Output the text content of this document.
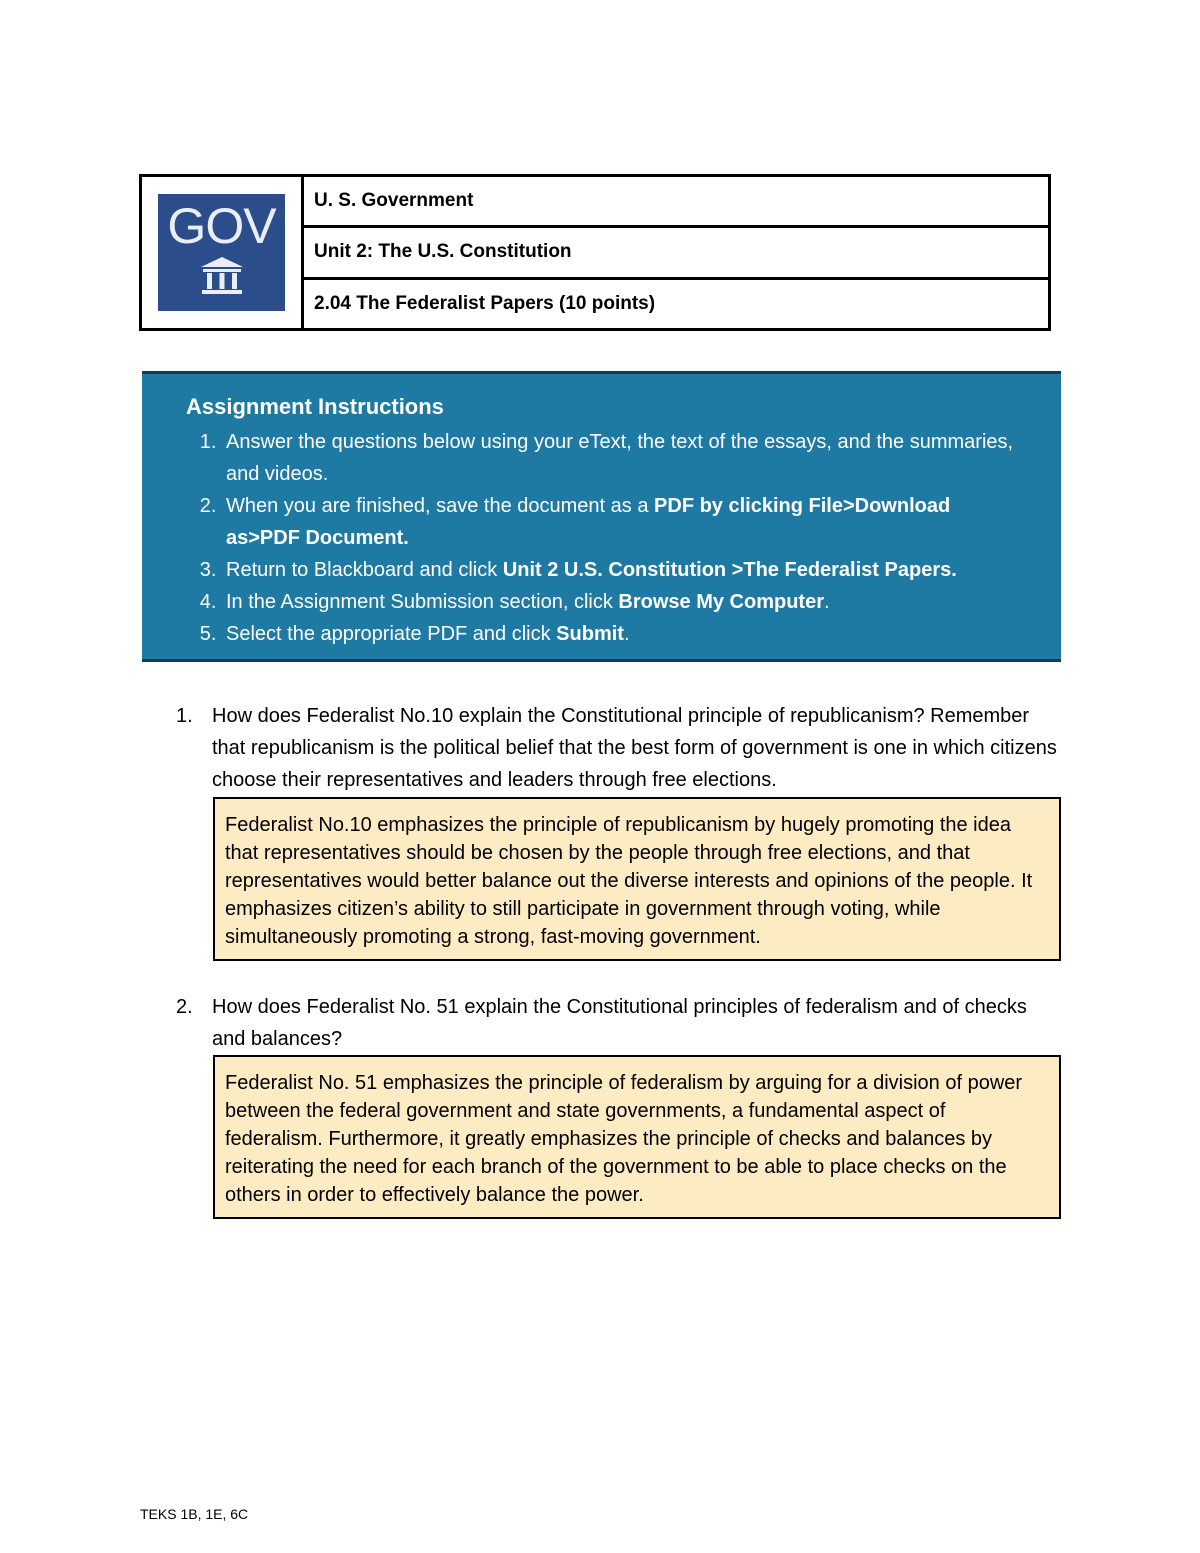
GOV	U. S. Government
Unit 2: The U.S. Constitution
2.04 The Federalist Papers (10 points)
Assignment Instructions
1. Answer the questions below using your eText, the text of the essays, and the summaries, and videos.
2. When you are finished, save the document as a PDF by clicking File>Download as>PDF Document.
3. Return to Blackboard and click Unit 2 U.S. Constitution >The Federalist Papers.
4. In the Assignment Submission section, click Browse My Computer.
5. Select the appropriate PDF and click Submit.
1. How does Federalist No.10 explain the Constitutional principle of republicanism? Remember that republicanism is the political belief that the best form of government is one in which citizens choose their representatives and leaders through free elections.
Federalist No.10 emphasizes the principle of republicanism by hugely promoting the idea that representatives should be chosen by the people through free elections, and that representatives would better balance out the diverse interests and opinions of the people. It emphasizes citizen’s ability to still participate in government through voting, while simultaneously promoting a strong, fast-moving government.
2. How does Federalist No. 51 explain the Constitutional principles of federalism and of checks and balances?
Federalist No. 51 emphasizes the principle of federalism by arguing for a division of power between the federal government and state governments, a fundamental aspect of federalism. Furthermore, it greatly emphasizes the principle of checks and balances by reiterating the need for each branch of the government to be able to place checks on the others in order to effectively balance the power.
TEKS 1B, 1E, 6C
